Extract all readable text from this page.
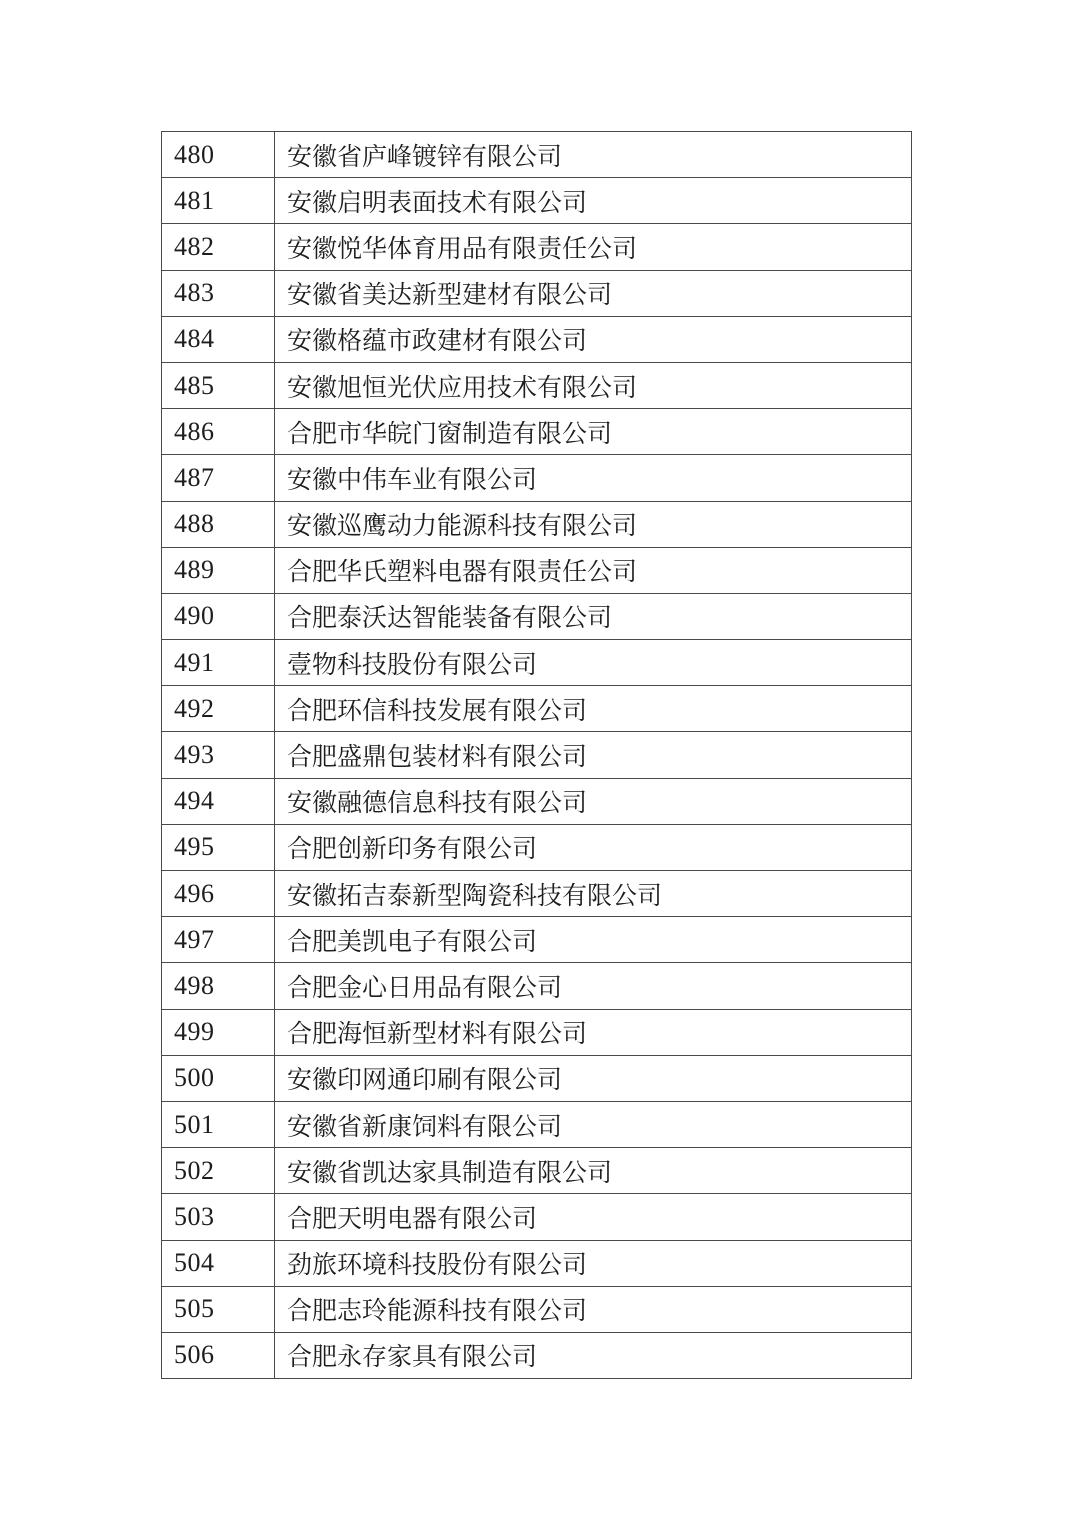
480	安徽省庐峰镀锌有限公司
481	安徽启明表面技术有限公司
482	安徽悦华体育用品有限责任公司
483	安徽省美达新型建材有限公司
484	安徽格蕴市政建材有限公司
485	安徽旭恒光伏应用技术有限公司
486	合肥市华皖门窗制造有限公司
487	安徽中伟车业有限公司
488	安徽巡鹰动力能源科技有限公司
489	合肥华氏塑料电器有限责任公司
490	合肥泰沃达智能装备有限公司
491	壹物科技股份有限公司
492	合肥环信科技发展有限公司
493	合肥盛鼎包装材料有限公司
494	安徽融德信息科技有限公司
495	合肥创新印务有限公司
496	安徽拓吉泰新型陶瓷科技有限公司
497	合肥美凯电子有限公司
498	合肥金心日用品有限公司
499	合肥海恒新型材料有限公司
500	安徽印网通印刷有限公司
501	安徽省新康饲料有限公司
502	安徽省凯达家具制造有限公司
503	合肥天明电器有限公司
504	劲旅环境科技股份有限公司
505	合肥志玲能源科技有限公司
506	合肥永存家具有限公司
